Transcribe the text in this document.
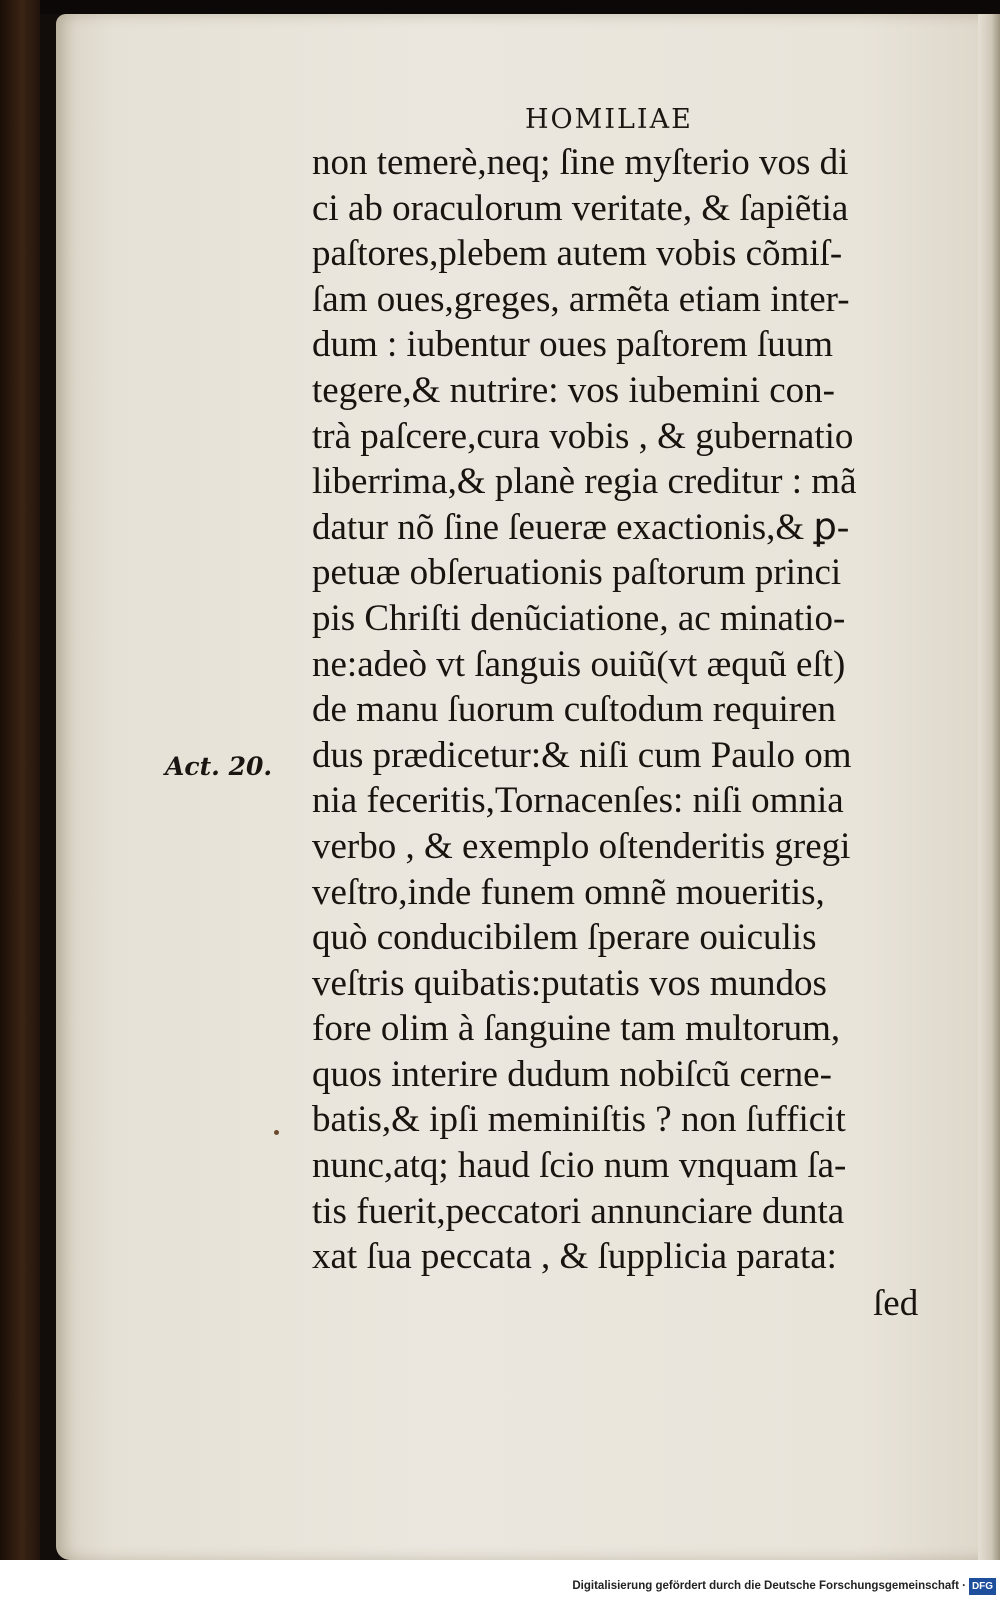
HOMILIAE
non temerè,neq; ſine myſterio vos di
ci ab oraculorum veritate, & ſapiẽtia
paſtores,plebem autem vobis cõmiſ-
ſam oues,greges, armẽta etiam inter-
dum : iubentur oues paſtorem ſuum
tegere,& nutrire: vos iubemini con-
trà paſcere,cura vobis , & gubernatio
liberrima,& planè regia creditur : mã
datur nõ ſine ſeueræ exactionis,& ꝑ-
petuæ obſeruationis paſtorum princi
pis Chriſti denũciatione, ac minatio-
ne:adeò vt ſanguis ouiũ(vt æquũ eſt)
de manu ſuorum cuſtodum requiren
dus prædicetur:& niſi cum Paulo om
nia feceritis,Tornacenſes: niſi omnia
verbo , & exemplo oſtenderitis gregi
veſtro,inde funem omnẽ moueritis,
quò conducibilem ſperare ouiculis
veſtris quibatis:putatis vos mundos
fore olim à ſanguine tam multorum,
quos interire dudum nobiſcũ cerne-
batis,& ipſi meminiſtis ? non ſufficit
nunc,atq; haud ſcio num vnquam ſa-
tis fuerit,peccatori annunciare dunta
xat ſua peccata , & ſupplicia parata:
Act. 20.
ſed
Digitalisierung gefördert durch die Deutsche Forschungsgemeinschaft · DFG
